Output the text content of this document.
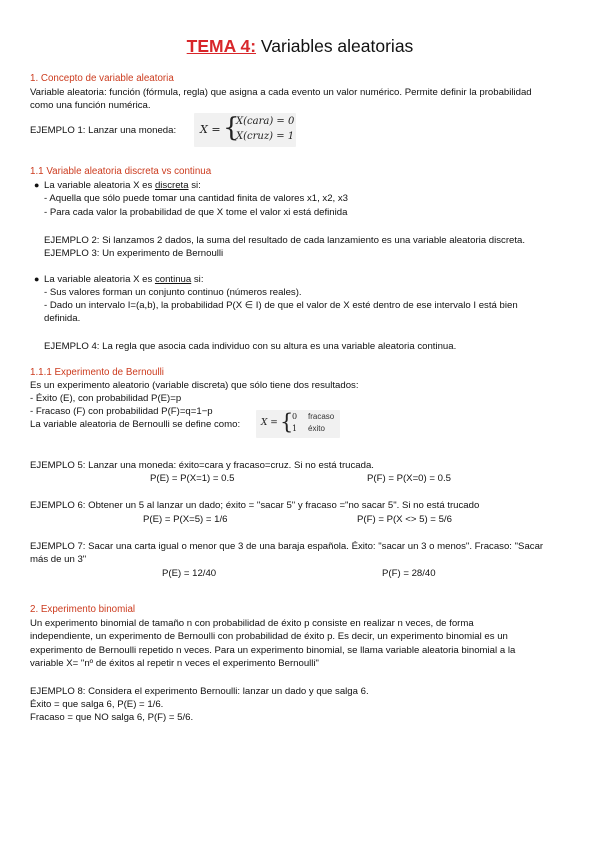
TEMA 4: Variables aleatorias
1. Concepto de variable aleatoria
Variable aleatoria: función (fórmula, regla) que asigna a cada evento un valor numérico. Permite definir la probabilidad
como una función numérica.
EJEMPLO 1: Lanzar una moneda: X = {
X(cara) = 0
X(cruz) = 1
1.1 Variable aleatoria discreta vs continua
● La variable aleatoria X es discreta si:
- Aquella que sólo puede tomar una cantidad finita de valores x1, x2, x3
- Para cada valor la probabilidad de que X tome el valor xi está definida
EJEMPLO 2: Si lanzamos 2 dados, la suma del resultado de cada lanzamiento es una variable aleatoria discreta.
EJEMPLO 3: Un experimento de Bernoulli
● La variable aleatoria X es continua si:
- Sus valores forman un conjunto continuo (números reales).
- Dado un intervalo I=(a,b), la probabilidad P(X ∈ I) de que el valor de X esté dentro de ese intervalo I está bien
definida.
EJEMPLO 4: La regla que asocia cada individuo con su altura es una variable aleatoria continua.
1.1.1 Experimento de Bernoulli
Es un experimento aleatorio (variable discreta) que sólo tiene dos resultados:
- Éxito (E), con probabilidad P(E)=p
- Fracaso (F) con probabilidad P(F)=q=1−p
La variable aleatoria de Bernoulli se define como: X = {
0 fracaso
1 éxito
EJEMPLO 5: Lanzar una moneda: éxito=cara y fracaso=cruz. Si no está trucada.
P(E) = P(X=1) = 0.5	P(F) = P(X=0) = 0.5
EJEMPLO 6: Obtener un 5 al lanzar un dado; éxito = "sacar 5" y fracaso ="no sacar 5". Si no está trucado
P(E) = P(X=5) = 1/6	P(F) = P(X <> 5) = 5/6
EJEMPLO 7: Sacar una carta igual o menor que 3 de una baraja española. Éxito: "sacar un 3 o menos". Fracaso: "Sacar
más de un 3"
P(E) = 12/40	P(F) = 28/40
2. Experimento binomial
Un experimento binomial de tamaño n con probabilidad de éxito p consiste en realizar n veces, de forma
independiente, un experimento de Bernoulli con probabilidad de éxito p. Es decir, un experimento binomial es un
experimento de Bernoulli repetido n veces. Para un experimento binomial, se llama variable aleatoria binomial a la
variable X= "nº de éxitos al repetir n veces el experimento Bernoulli"
EJEMPLO 8: Considera el experimento Bernoulli: lanzar un dado y que salga 6.
Éxito = que salga 6, P(E) = 1/6.
Fracaso = que NO salga 6, P(F) = 5/6.
